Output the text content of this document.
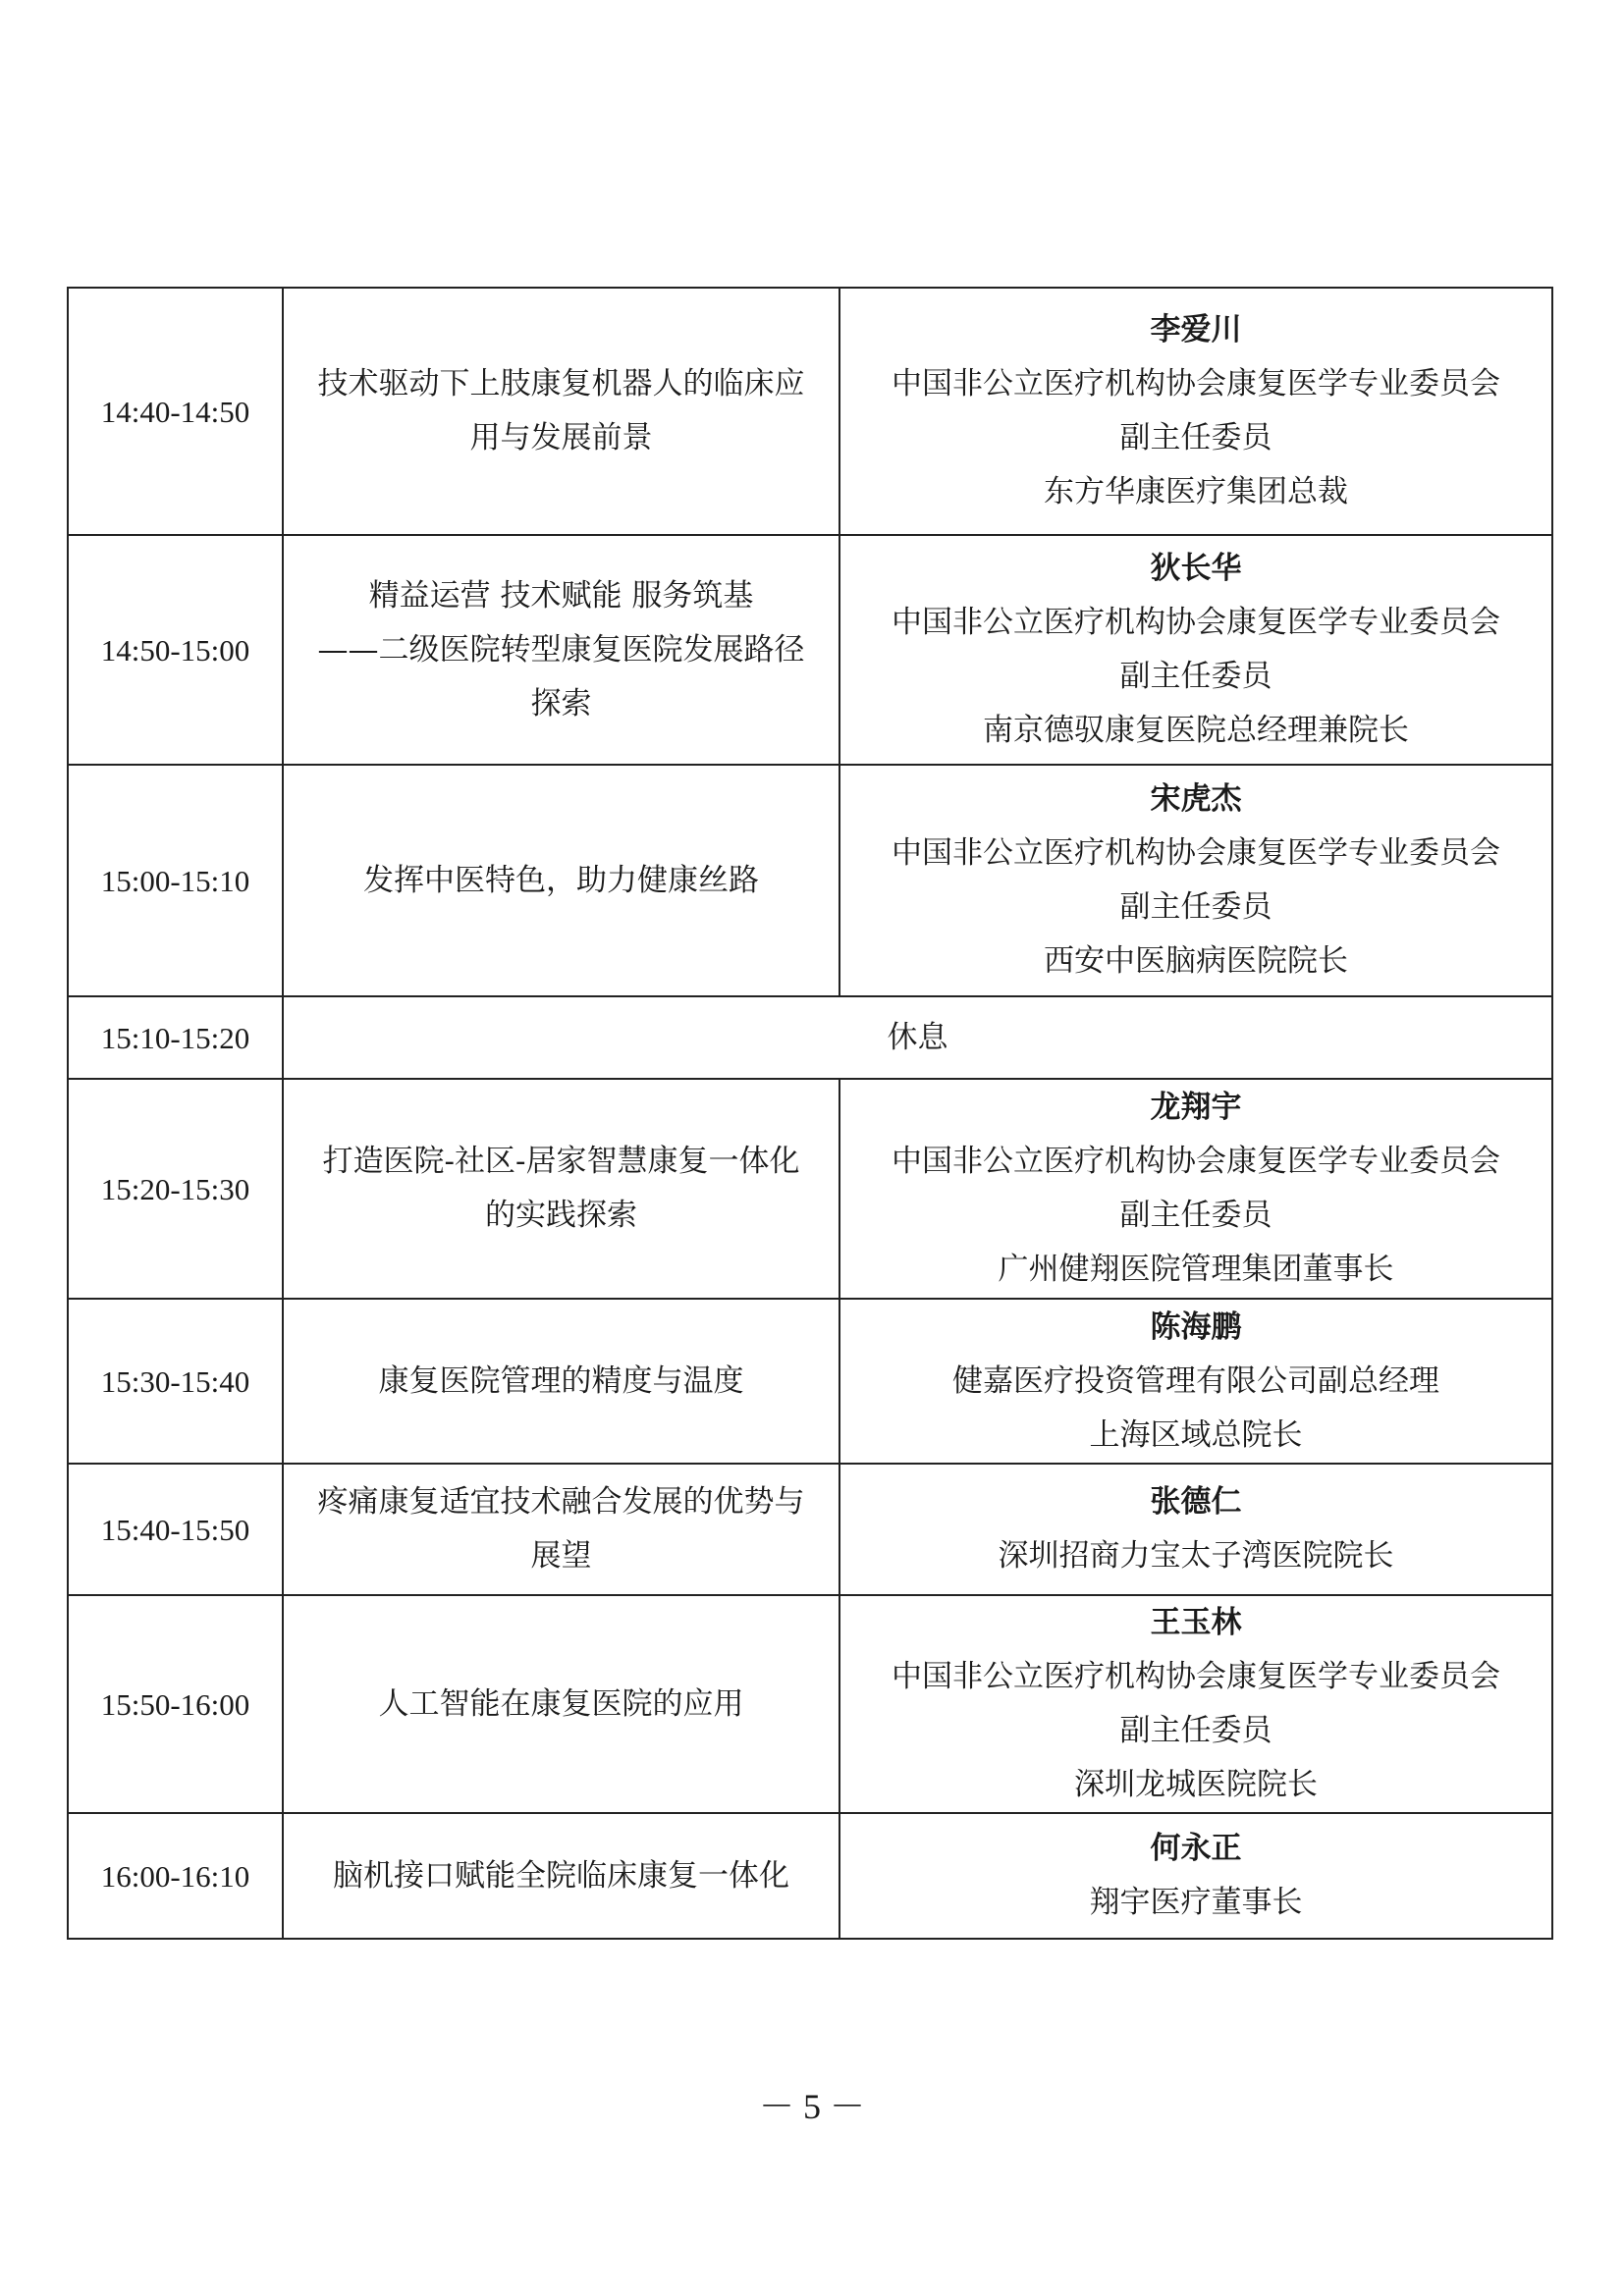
14:40-14:50	技术驱动下上肢康复机器人的临床应
用与发展前景	李爱川
中国非公立医疗机构协会康复医学专业委员会
副主任委员
东方华康医疗集团总裁

14:50-15:00	精益运营 技术赋能 服务筑基
——二级医院转型康复医院发展路径
探索	狄长华
中国非公立医疗机构协会康复医学专业委员会
副主任委员
南京德驭康复医院总经理兼院长

15:00-15:10	发挥中医特色，助力健康丝路	宋虎杰
中国非公立医疗机构协会康复医学专业委员会
副主任委员
西安中医脑病医院院长

15:10-15:20	休息	
15:20-15:30	打造医院-社区-居家智慧康复一体化
的实践探索	龙翔宇
中国非公立医疗机构协会康复医学专业委员会
副主任委员
广州健翔医院管理集团董事长

15:30-15:40	康复医院管理的精度与温度	陈海鹏
健嘉医疗投资管理有限公司副总经理
上海区域总院长

15:40-15:50	疼痛康复适宜技术融合发展的优势与
展望	张德仁
深圳招商力宝太子湾医院院长

15:50-16:00	人工智能在康复医院的应用	王玉林
中国非公立医疗机构协会康复医学专业委员会
副主任委员
深圳龙城医院院长

16:00-16:10	脑机接口赋能全院临床康复一体化	何永正
翔宇医疗董事长
－ 5 －
